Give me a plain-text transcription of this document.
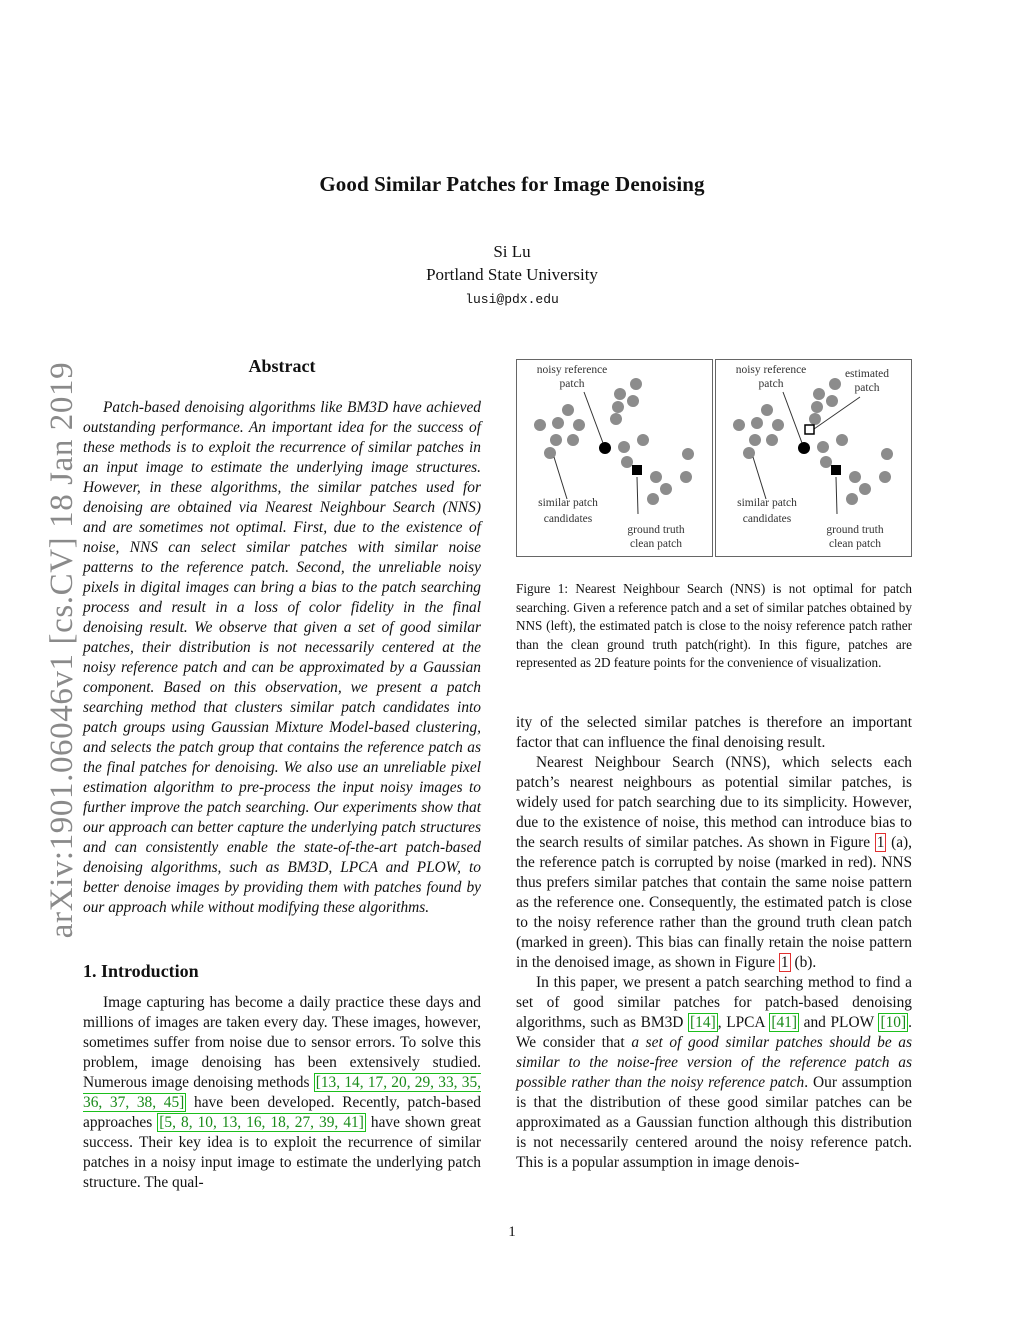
Good Similar Patches for Image Denoising
Si Lu
Portland State University
lusi@pdx.edu
arXiv:1901.06046v1 [cs.CV] 18 Jan 2019	Abstract
Patch-based denoising algorithms like BM3D have achieved outstanding performance. An important idea for the success of these methods is to exploit the recurrence of similar patches in an input image to estimate the underlying image structures. However, in these algorithms, the similar patches used for denoising are obtained via Nearest Neighbour Search (NNS) and are sometimes not optimal. First, due to the existence of noise, NNS can select similar patches with similar noise patterns to the reference patch. Second, the unreliable noisy pixels in digital images can bring a bias to the patch searching process and result in a loss of color fidelity in the final denoising result. We observe that given a set of good similar patches, their distribution is not necessarily centered at the noisy reference patch and can be approximated by a Gaussian component. Based on this observation, we present a patch searching method that clusters similar patch candidates into patch groups using Gaussian Mixture Model-based clustering, and selects the patch group that contains the reference patch as the final patches for denoising. We also use an unreliable pixel estimation algorithm to pre-process the input noisy images to further improve the patch searching. Our experiments show that our approach can better capture the underlying patch structures and can consistently enable the state-of-the-art patch-based denoising algorithms, such as BM3D, LPCA and PLOW, to better denoise images by providing them with patches found by our approach while without modifying these algorithms.
1. Introduction
Image capturing has become a daily practice these days and millions of images are taken every day. These images, however, sometimes suffer from noise due to sensor errors. To solve this problem, image denoising has been extensively studied. Numerous image denoising methods [13, 14, 17, 20, 29, 33, 35, 36, 37, 38, 45] have been developed. Recently, patch-based approaches [5, 8, 10, 13, 16, 18, 27, 39, 41] have shown great success. Their key idea is to exploit the recurrence of similar patches in a noisy input image to estimate the underlying patch structure. The qual-
noisy reference
patch
similar patch
candidates
ground truth
clean patch
noisy reference
patch
estimated
patch
similar patch
candidates
ground truth
clean patch
Figure 1: Nearest Neighbour Search (NNS) is not optimal for patch searching. Given a reference patch and a set of similar patches obtained by NNS (left), the estimated patch is close to the noisy reference patch rather than the clean ground truth patch(right). In this figure, patches are represented as 2D feature points for the convenience of visualization.

ity of the selected similar patches is therefore an important factor that can influence the final denoising result.

Nearest Neighbour Search (NNS), which selects each patch’s nearest neighbours as potential similar patches, is widely used for patch searching due to its simplicity. However, due to the existence of noise, this method can introduce bias to the search results of similar patches. As shown in Figure 1 (a), the reference patch is corrupted by noise (marked in red). NNS thus prefers similar patches that contain the same noise pattern as the reference one. Consequently, the estimated patch is close to the noisy reference rather than the ground truth clean patch (marked in green). This bias can finally retain the noise pattern in the denoised image, as shown in Figure 1 (b).

In this paper, we present a patch searching method to find a set of good similar patches for patch-based denoising algorithms, such as BM3D [14] , LPCA [41] and PLOW [10] . We consider that a set of good similar patches should be as similar to the noise-free version of the reference patch as possible rather than the noisy reference patch. Our assumption is that the distribution of these good similar patches can be approximated as a Gaussian function although this distribution is not necessarily centered around the noisy reference patch. This is a popular assumption in image denois-

1
